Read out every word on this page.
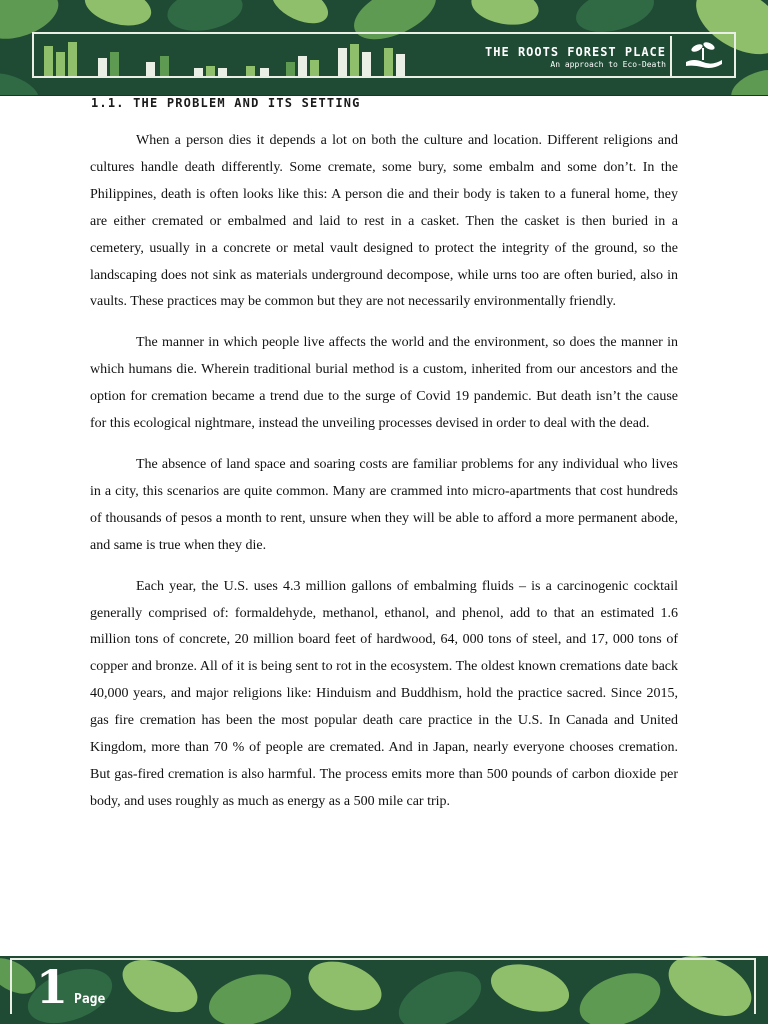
THE ROOTS FOREST PLACE
An approach to Eco-Death
1.1. THE PROBLEM AND ITS SETTING

When a person dies it depends a lot on both the culture and location. Different religions and cultures handle death differently. Some cremate, some bury, some embalm and some don’t. In the Philippines, death is often looks like this: A person die and their body is taken to a funeral home, they are either cremated or embalmed and laid to rest in a casket. Then the casket is then buried in a cemetery, usually in a concrete or metal vault designed to protect the integrity of the ground, so the landscaping does not sink as materials underground decompose, while urns too are often buried, also in vaults. These practices may be common but they are not necessarily environmentally friendly.

The manner in which people live affects the world and the environment, so does the manner in which humans die. Wherein traditional burial method is a custom, inherited from our ancestors and the option for cremation became a trend due to the surge of Covid 19 pandemic. But death isn’t the cause for this ecological nightmare, instead the unveiling processes devised in order to deal with the dead.

The absence of land space and soaring costs are familiar problems for any individual who lives in a city, this scenarios are quite common. Many are crammed into micro-apartments that cost hundreds of thousands of pesos a month to rent, unsure when they will be able to afford a more permanent abode, and same is true when they die.

Each year, the U.S. uses 4.3 million gallons of embalming fluids – is a carcinogenic cocktail generally comprised of: formaldehyde, methanol, ethanol, and phenol, add to that an estimated 1.6 million tons of concrete, 20 million board feet of hardwood, 64, 000 tons of steel, and 17, 000 tons of copper and bronze. All of it is being sent to rot in the ecosystem. The oldest known cremations date back 40,000 years, and major religions like: Hinduism and Buddhism, hold the practice sacred. Since 2015, gas fire cremation has been the most popular death care practice in the U.S. In Canada and United Kingdom, more than 70 % of people are cremated. And in Japan, nearly everyone chooses cremation. But gas-fired cremation is also harmful. The process emits more than 500 pounds of carbon dioxide per body, and uses roughly as much as energy as a 500 mile car trip.

1 Page
